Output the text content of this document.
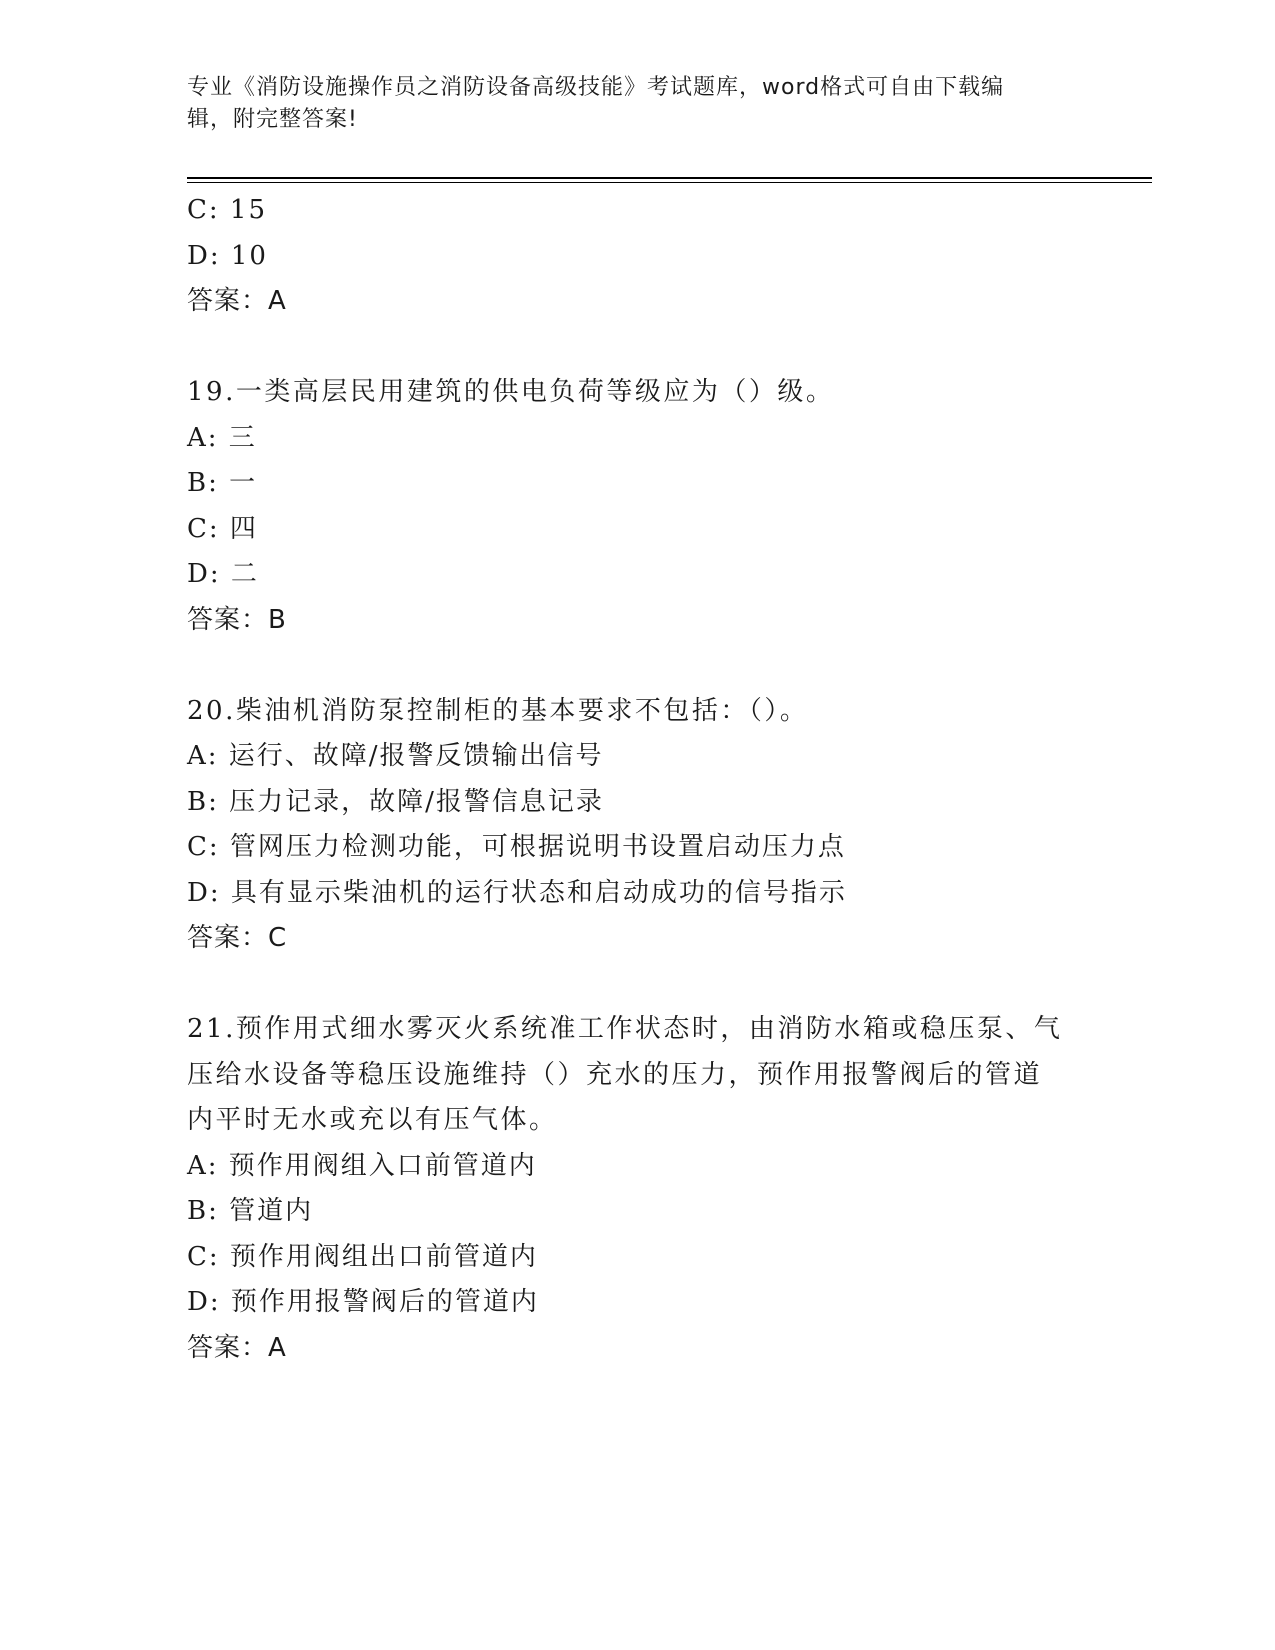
专业《消防设施操作员之消防设备高级技能》考试题库，word格式可自由下载编
辑，附完整答案!
C: 15
D: 10
答案：A
19.一类高层民用建筑的供电负荷等级应为（）级。
A: 三
B: 一
C: 四
D: 二
答案：B
20.柴油机消防泵控制柜的基本要求不包括：（）。
A: 运行、故障/报警反馈输出信号
B: 压力记录，故障/报警信息记录
C: 管网压力检测功能，可根据说明书设置启动压力点
D: 具有显示柴油机的运行状态和启动成功的信号指示
答案：C
21.预作用式细水雾灭火系统准工作状态时，由消防水箱或稳压泵、气
压给水设备等稳压设施维持（）充水的压力，预作用报警阀后的管道
内平时无水或充以有压气体。
A: 预作用阀组入口前管道内
B: 管道内
C: 预作用阀组出口前管道内
D: 预作用报警阀后的管道内
答案：A
